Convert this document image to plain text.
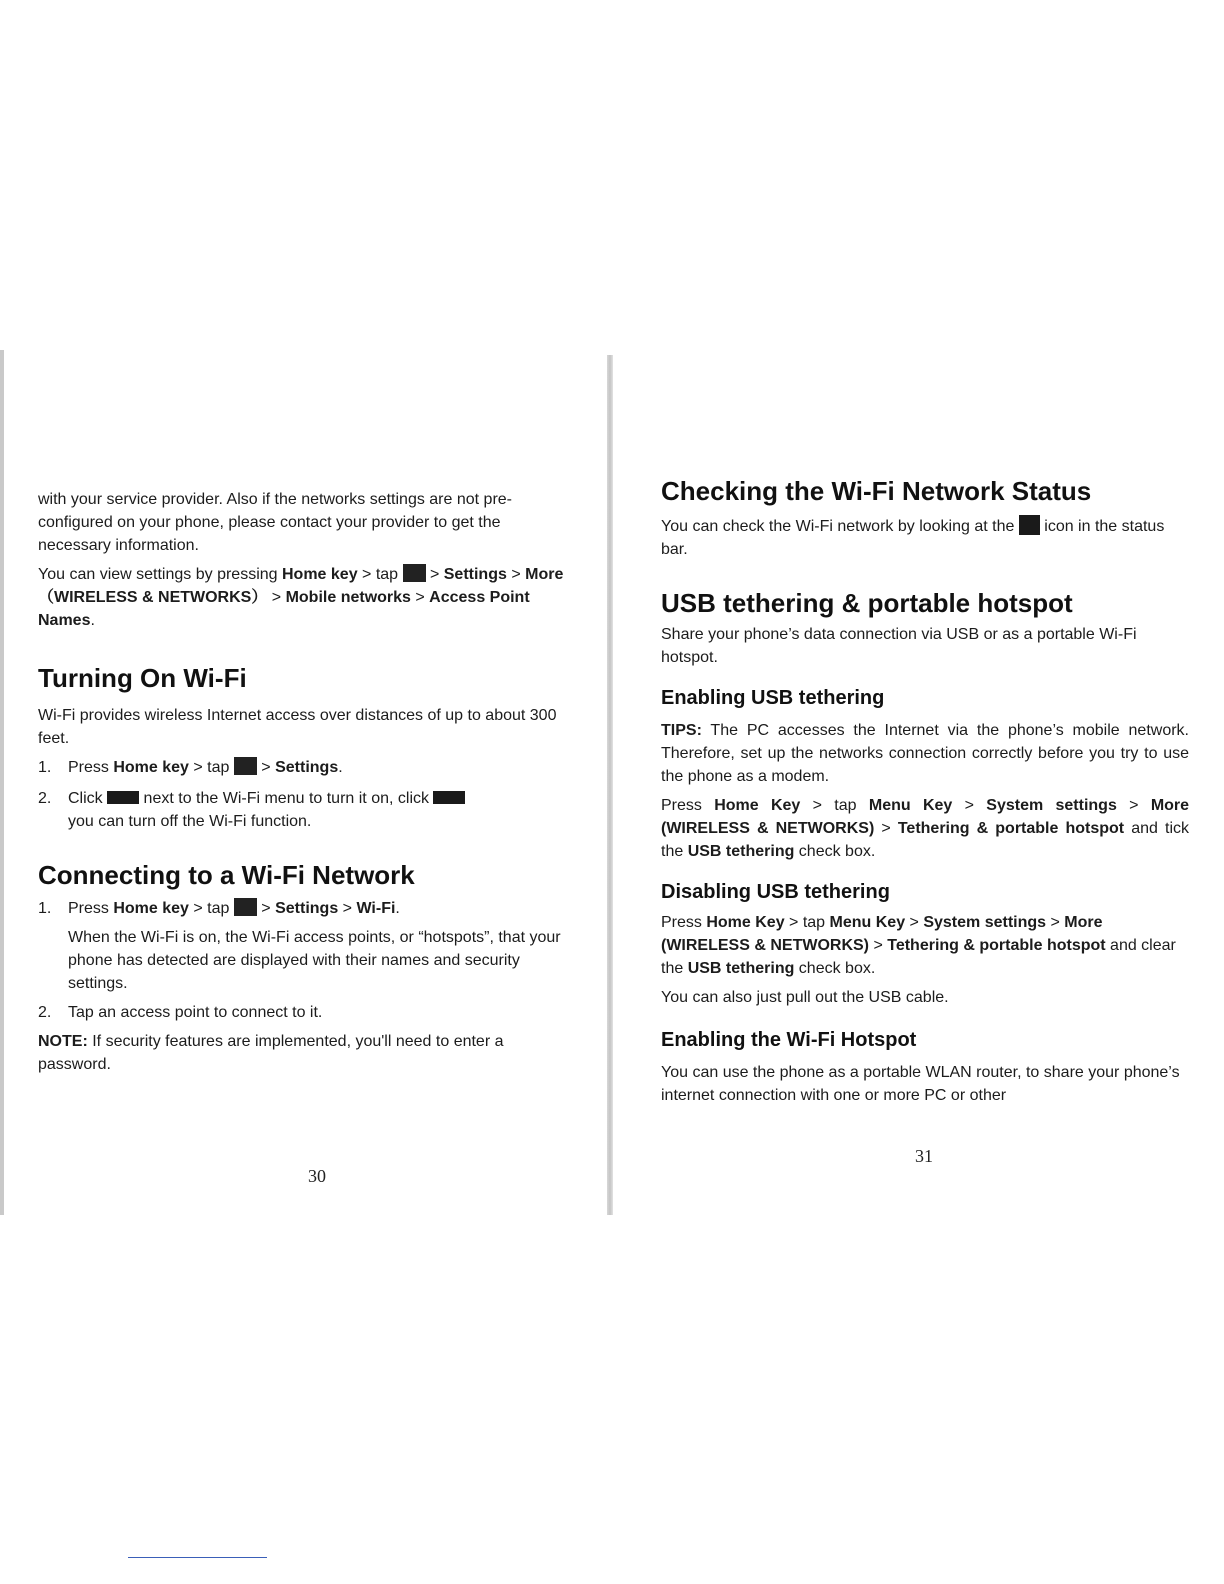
with your service provider. Also if the networks settings are not pre-configured on your phone, please contact your provider to get the necessary information.

You can view settings by pressing Home key > tap  > Settings > More（WIRELESS & NETWORKS） > Mobile networks > Access Point Names.

Turning On Wi-Fi

Wi-Fi provides wireless Internet access over distances of up to about 300 feet.

1. Press Home key > tap  > Settings.
2. Click  next to the Wi-Fi menu to turn it on, click
you can turn off the Wi-Fi function.
Connecting to a Wi-Fi Network
1. Press Home key > tap  > Settings > Wi-Fi.
When the Wi-Fi is on, the Wi-Fi access points, or “hotspots”, that your phone has detected are displayed with their names and security settings.
2. Tap an access point to connect to it.

NOTE: If security features are implemented, you'll need to enter a password.

30
Checking the Wi-Fi Network Status

You can check the Wi-Fi network by looking at the  icon in the status bar.

USB tethering & portable hotspot

Share your phone’s data connection via USB or as a portable Wi-Fi hotspot.

Enabling USB tethering

TIPS: The PC accesses the Internet via the phone’s mobile network. Therefore, set up the networks connection correctly before you try to use the phone as a modem.

Press Home Key > tap Menu Key > System settings > More (WIRELESS & NETWORKS) > Tethering & portable hotspot and tick the USB tethering check box.

Disabling USB tethering

Press Home Key > tap Menu Key > System settings > More (WIRELESS & NETWORKS) > Tethering & portable hotspot and clear the USB tethering check box.

You can also just pull out the USB cable.

Enabling the Wi-Fi Hotspot

You can use the phone as a portable WLAN router, to share your phone’s internet connection with one or more PC or other

31
